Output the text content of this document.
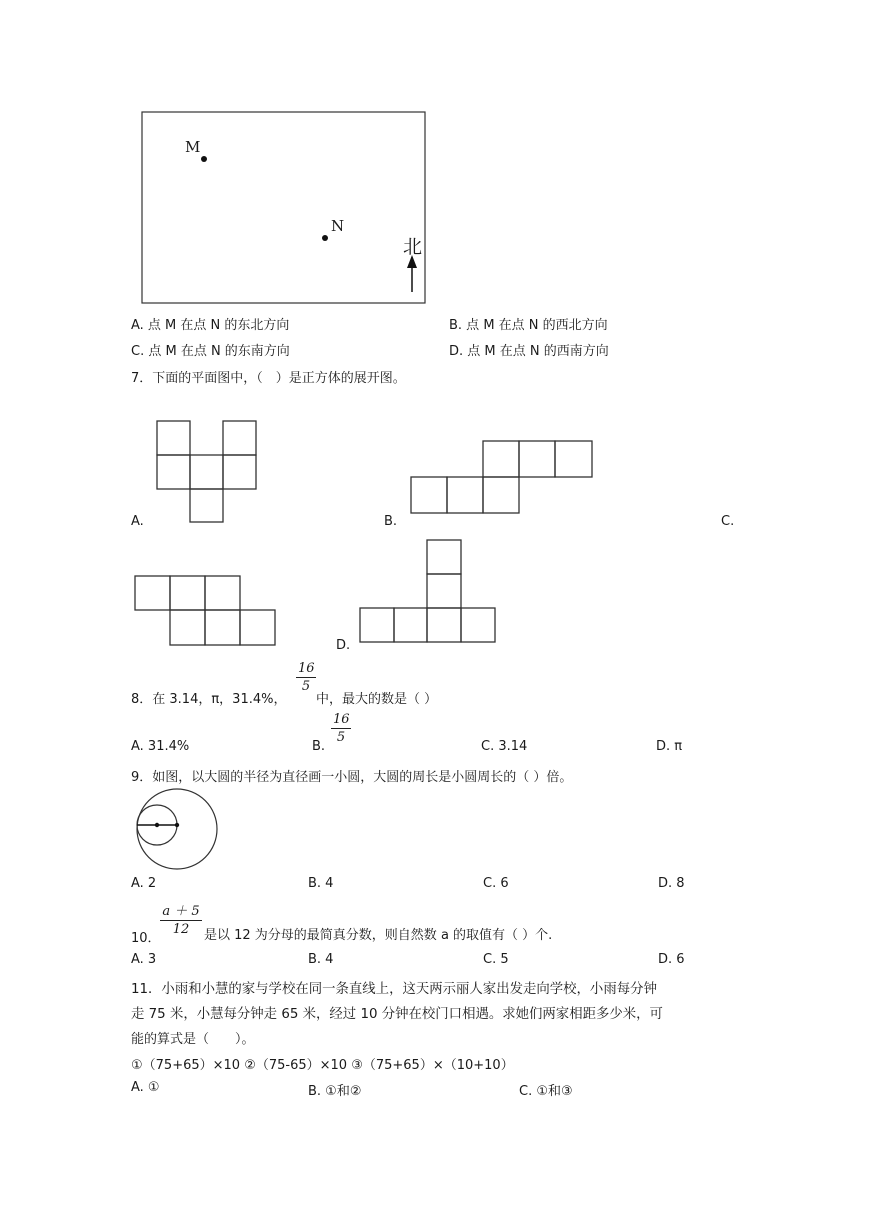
M
N
北
A. 点 M 在点 N 的东北方向	B. 点 M 在点 N 的西北方向
C. 点 M 在点 N 的东南方向	D. 点 M 在点 N 的西南方向
7．下面的平面图中，（　）是正方体的展开图。
A.	B.	C.
D.
8．在 3.14，π，31.4%，
16
5
中，最大的数是（ ）
A. 31.4%	B.
16
5
C. 3.14	D. π
9．如图，以大圆的半径为直径画一小圆，大圆的周长是小圆周长的（ ）倍。
A. 2	B. 4	C. 6	D. 8
10．
a ＋ 5
12	是以 12 为分母的最简真分数，则自然数 a 的取值有（ ）个.
A. 3	B. 4	C. 5	D. 6
11．小雨和小慧的家与学校在同一条直线上，这天两示丽人家出发走向学校，小雨每分钟
走 75 米，小慧每分钟走 65 米，经过 10 分钟在校门口相遇。求她们两家相距多少米，可
能的算式是（　　）。
①（75+65）×10 ②（75-65）×10 ③（75+65）×（10+10）
A. ①	B. ①和②	C. ①和③
